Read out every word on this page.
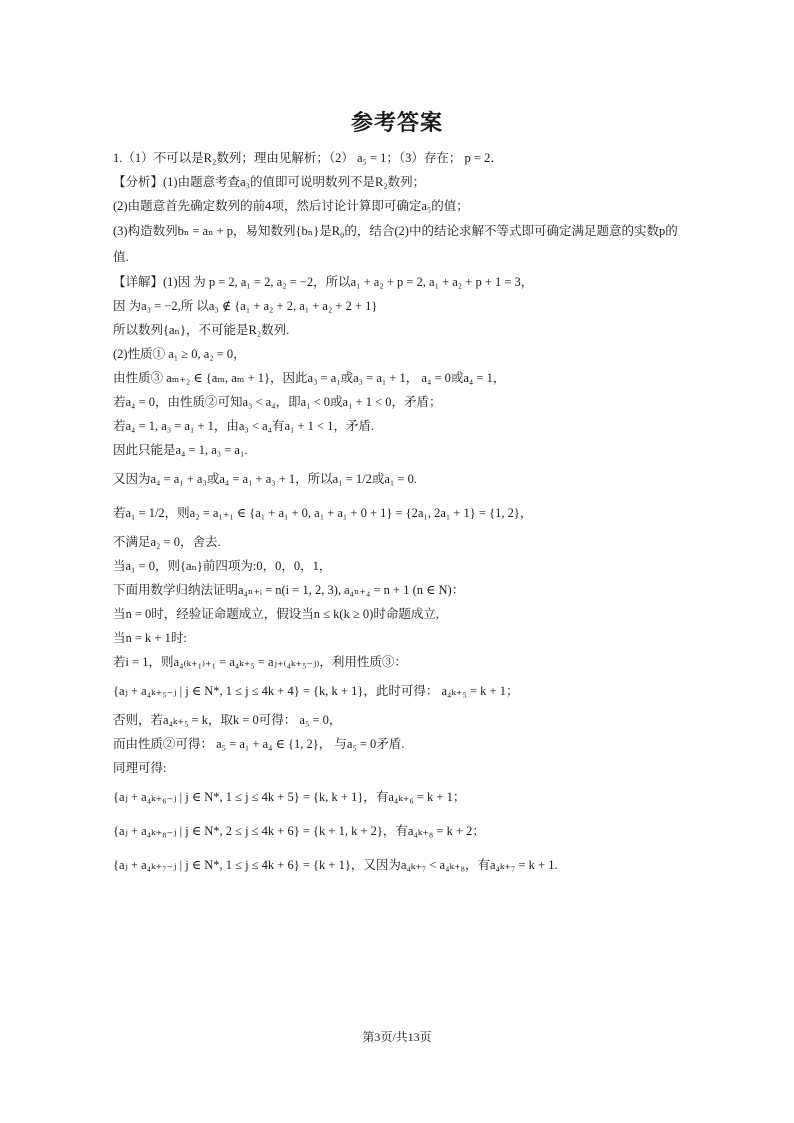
参考答案
1.（1）不可以是R₂数列；理由见解析；（2） a₅ = 1；（3）存在； p = 2．
【分析】(1)由题意考查a₃的值即可说明数列不是R₂数列；
(2)由题意首先确定数列的前4项，然后讨论计算即可确定a₅的值；
(3)构造数列bₙ = aₙ + p，易知数列{bₙ}是R₀的，结合(2)中的结论求解不等式即可确定满足题意的实数p的值.
【详解】(1)因 为 p = 2, a₁ = 2, a₂ = −2，所以a₁ + a₂ + p = 2, a₁ + a₂ + p + 1 = 3，
因 为a₃ = −2,所 以a₃ ∉ {a₁ + a₂ + 2, a₁ + a₂ + 2 + 1}
所以数列{aₙ}，不可能是R₂数列.
(2)性质① a₁ ≥ 0, a₂ = 0，
由性质③ aₘ₊₂ ∈ {aₘ, aₘ + 1}，因此a₃ = a₁或a₃ = a₁ + 1， a₄ = 0或a₄ = 1，
若a₄ = 0，由性质②可知a₃ < a₄，即a₁ < 0或a₁ + 1 < 0，矛盾；
若a₄ = 1, a₃ = a₁ + 1，由a₃ < a₄有a₁ + 1 < 1，矛盾.
因此只能是a₄ = 1, a₃ = a₁.
又因为a₄ = a₁ + a₃或a₄ = a₁ + a₃ + 1，所以a₁ = 1/2或a₁ = 0.
若a₁ = 1/2，则a₂ = a₁₊₁ ∈ {a₁ + a₁ + 0, a₁ + a₁ + 0 + 1} = {2a₁, 2a₁ + 1} = {1, 2}，
不满足a₂ = 0，舍去.
当a₁ = 0，则{aₙ}前四项为:0，0，0，1，
下面用数学归纳法证明a₄ₙ₊ᵢ = n(i = 1, 2, 3), a₄ₙ₊₄ = n + 1 (n ∈ N)：
当n = 0时，经验证命题成立，假设当n ≤ k(k ≥ 0)时命题成立,
当n = k + 1时:
若i = 1，则a₄₍ₖ₊₁₎₊₁ = a₄ₖ₊₅ = aⱼ₊₍₄ₖ₊₅₋ⱼ₎，利用性质③：
{aⱼ + a₄ₖ₊₅₋ⱼ | j ∈ N*, 1 ≤ j ≤ 4k + 4} = {k, k + 1}，此时可得： a₄ₖ₊₅ = k + 1；
否则，若a₄ₖ₊₅ = k，取k = 0可得： a₅ = 0，
而由性质②可得： a₅ = a₁ + a₄ ∈ {1, 2}， 与a₅ = 0矛盾.
同理可得:
{aⱼ + a₄ₖ₊₆₋ⱼ | j ∈ N*, 1 ≤ j ≤ 4k + 5} = {k, k + 1}，有a₄ₖ₊₆ = k + 1；
{aⱼ + a₄ₖ₊₈₋ⱼ | j ∈ N*, 2 ≤ j ≤ 4k + 6} = {k + 1, k + 2}，有a₄ₖ₊₈ = k + 2；
{aⱼ + a₄ₖ₊₇₋ⱼ | j ∈ N*, 1 ≤ j ≤ 4k + 6} = {k + 1}，又因为a₄ₖ₊₇ < a₄ₖ₊₈，有a₄ₖ₊₇ = k + 1.
第3页/共13页
